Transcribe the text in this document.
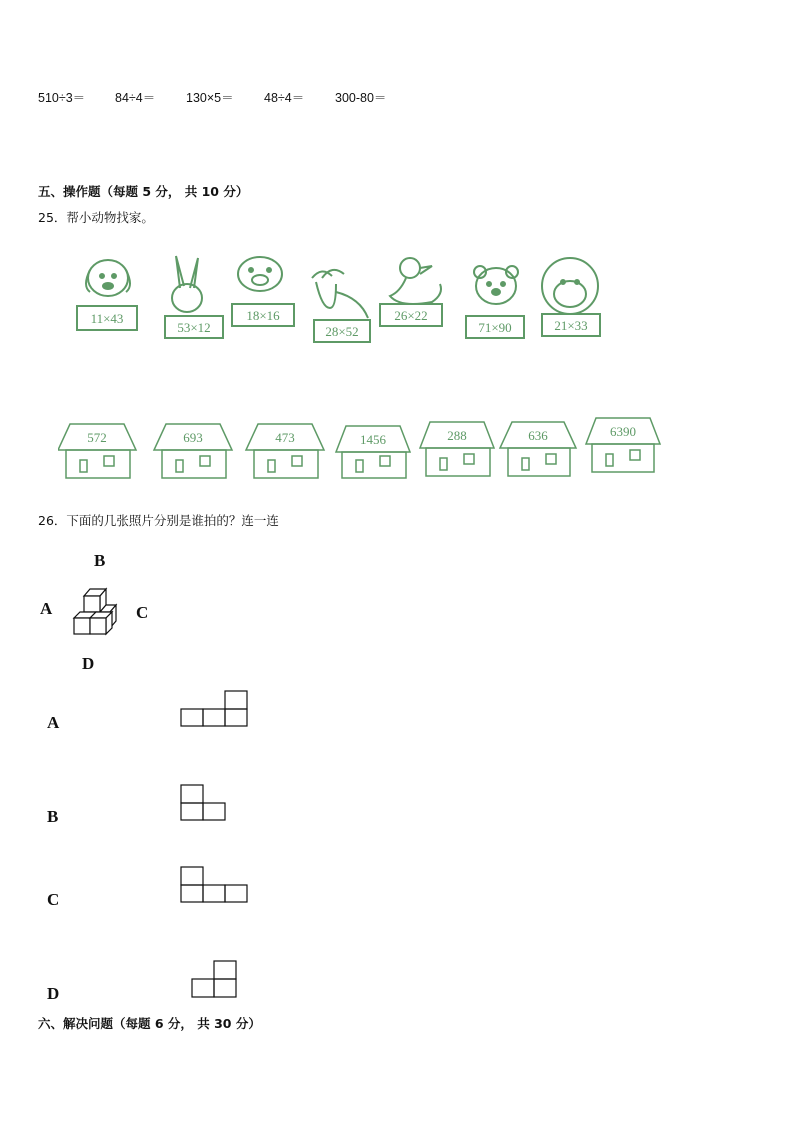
510÷3＝ 84÷4＝ 130×5＝ 48÷4＝ 300-80＝
五、操作题（每题 5 分， 共 10 分）
25．帮小动物找家。
11×43
53×12
18×16
28×52
26×22
71×90	21×33
572	693	473	1456	288	636	6390
26．下面的几张照片分别是谁拍的？连一连
B
A	C
D
A
B
C
D
六、解决问题（每题 6 分， 共 30 分）
